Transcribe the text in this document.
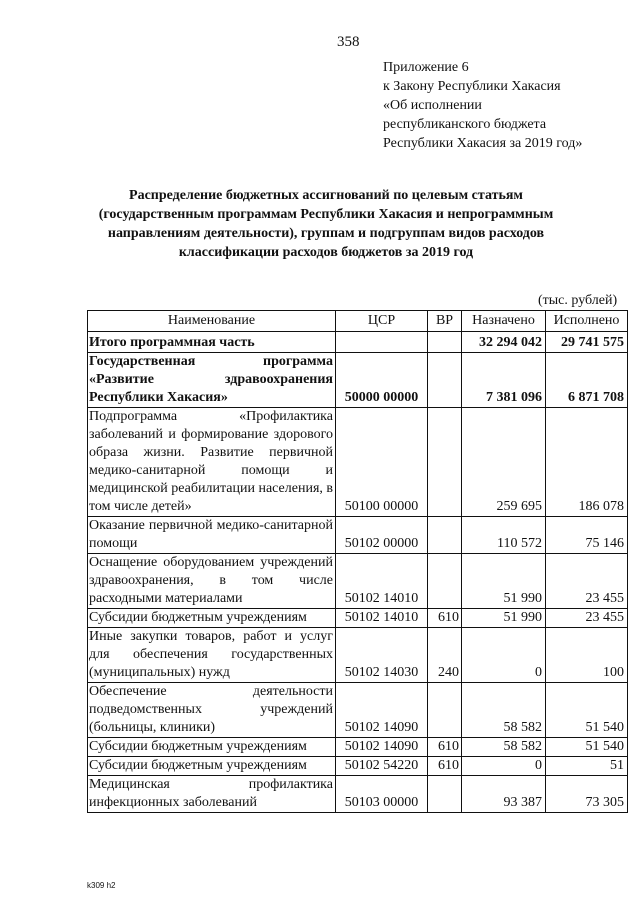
358
Приложение 6
к Закону Республики Хакасия
«Об исполнении
республиканского бюджета
Республики Хакасия за 2019 год»
Распределение бюджетных ассигнований по целевым статьям
(государственным программам Республики Хакасия и непрограммным
направлениям деятельности), группам и подгруппам видов расходов
классификации расходов бюджетов за 2019 год
(тыс. рублей)
Наименование	ЦСР	ВР	Назначено	Исполнено
Итого программная часть			32 294 042	29 741 575
Государственная программа «Развитие здравоохранения Республики Хакасия»	50000 00000		7 381 096	6 871 708
Подпрограмма «Профилактика заболеваний и формирование здорового образа жизни. Развитие первичной медико-санитарной помощи и медицинской реабилитации населения, в том числе детей»	50100 00000		259 695	186 078
Оказание первичной медико-санитарной помощи	50102 00000		110 572	75 146
Оснащение оборудованием учреждений здравоохранения, в том числе расходными материалами	50102 14010		51 990	23 455
Субсидии бюджетным учреждениям	50102 14010	610	51 990	23 455
Иные закупки товаров, работ и услуг для обеспечения государственных (муниципальных) нужд	50102 14030	240	0	100
Обеспечение деятельности подведомственных учреждений (больницы, клиники)	50102 14090		58 582	51 540
Субсидии бюджетным учреждениям	50102 14090	610	58 582	51 540
Субсидии бюджетным учреждениям	50102 54220	610	0	51
Медицинская профилактика инфекционных заболеваний	50103 00000		93 387	73 305
k309 h2
